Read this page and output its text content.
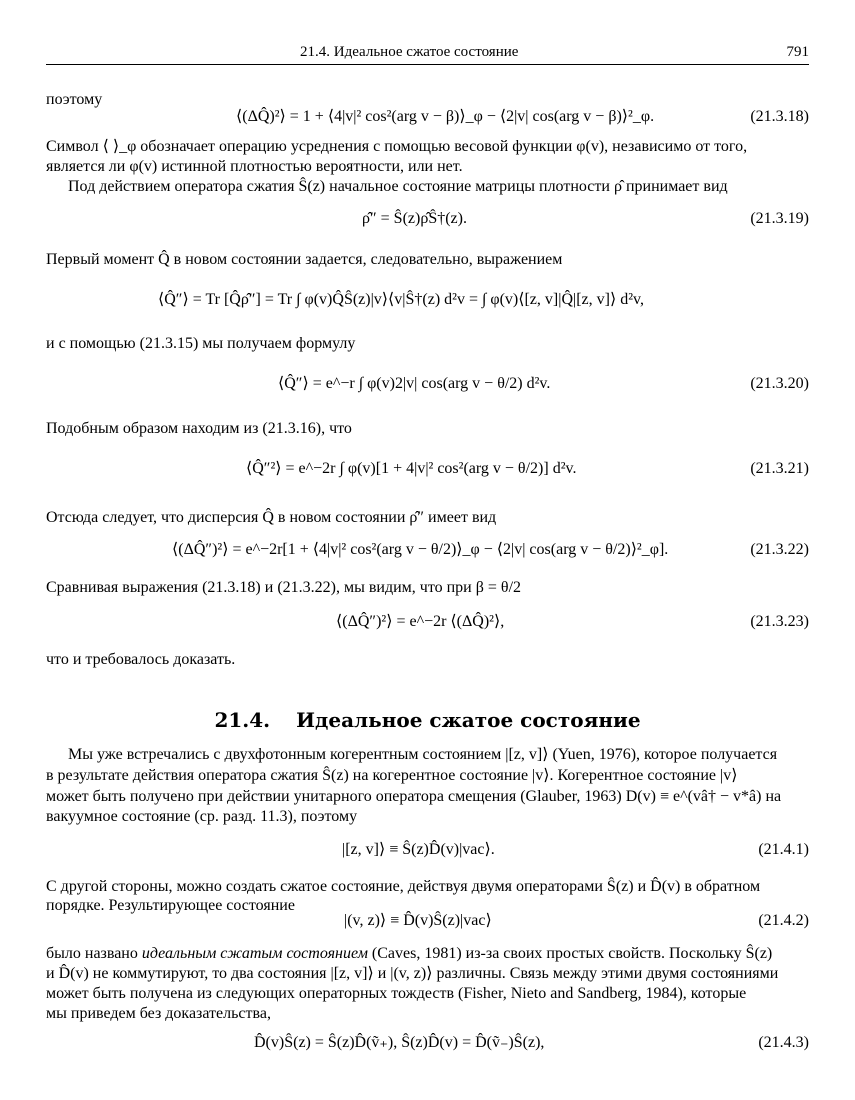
21.4. Идеальное сжатое состояние	791
поэтому
⟨(ΔQ̂)²⟩ = 1 + ⟨4|v|² cos²(arg v − β)⟩_φ − ⟨2|v| cos(arg v − β)⟩²_φ.	(21.3.18)
Символ ⟨ ⟩_φ обозначает операцию усреднения с помощью весовой функции φ(v), независимо от того,
является ли φ(v) истинной плотностью вероятности, или нет.
Под действием оператора сжатия Ŝ(z) начальное состояние матрицы плотности ρ̂ принимает вид
ρ̂″ = Ŝ(z)ρ̂Ŝ†(z).	(21.3.19)
Первый момент Q̂ в новом состоянии задается, следовательно, выражением
⟨Q̂″⟩ = Tr [Q̂ρ̂″] = Tr ∫ φ(v)Q̂Ŝ(z)|v⟩⟨v|Ŝ†(z) d²v = ∫ φ(v)⟨[z, v]|Q̂|[z, v]⟩ d²v,
и с помощью (21.3.15) мы получаем формулу
⟨Q̂″⟩ = e^−r ∫ φ(v)2|v| cos(arg v − θ/2) d²v.	(21.3.20)
Подобным образом находим из (21.3.16), что
⟨Q̂″²⟩ = e^−2r ∫ φ(v)[1 + 4|v|² cos²(arg v − θ/2)] d²v.	(21.3.21)
Отсюда следует, что дисперсия Q̂ в новом состоянии ρ̂″ имеет вид
⟨(ΔQ̂″)²⟩ = e^−2r[1 + ⟨4|v|² cos²(arg v − θ/2)⟩_φ − ⟨2|v| cos(arg v − θ/2)⟩²_φ].	(21.3.22)
Сравнивая выражения (21.3.18) и (21.3.22), мы видим, что при β = θ/2
⟨(ΔQ̂″)²⟩ = e^−2r ⟨(ΔQ̂)²⟩,	(21.3.23)
что и требовалось доказать.
21.4. Идеальное сжатое состояние
Мы уже встречались с двухфотонным когерентным состоянием |[z, v]⟩ (Yuen, 1976), которое получается
в результате действия оператора сжатия Ŝ(z) на когерентное состояние |v⟩. Когерентное состояние |v⟩
может быть получено при действии унитарного оператора смещения (Glauber, 1963) D(v) ≡ e^(vâ† − v*â) на
вакуумное состояние (ср. разд. 11.3), поэтому
|[z, v]⟩ ≡ Ŝ(z)D̂(v)|vac⟩.	(21.4.1)
С другой стороны, можно создать сжатое состояние, действуя двумя операторами Ŝ(z) и D̂(v) в обратном
порядке. Результирующее состояние
|(v, z)⟩ ≡ D̂(v)Ŝ(z)|vac⟩	(21.4.2)
было названо идеальным сжатым состоянием (Caves, 1981) из-за своих простых свойств. Поскольку Ŝ(z)
и D̂(v) не коммутируют, то два состояния |[z, v]⟩ и |(v, z)⟩ различны. Связь между этими двумя состояниями
может быть получена из следующих операторных тождеств (Fisher, Nieto and Sandberg, 1984), которые
мы приведем без доказательства,
D̂(v)Ŝ(z) = Ŝ(z)D̂(ṽ₊), Ŝ(z)D̂(v) = D̂(ṽ₋)Ŝ(z),	(21.4.3)
